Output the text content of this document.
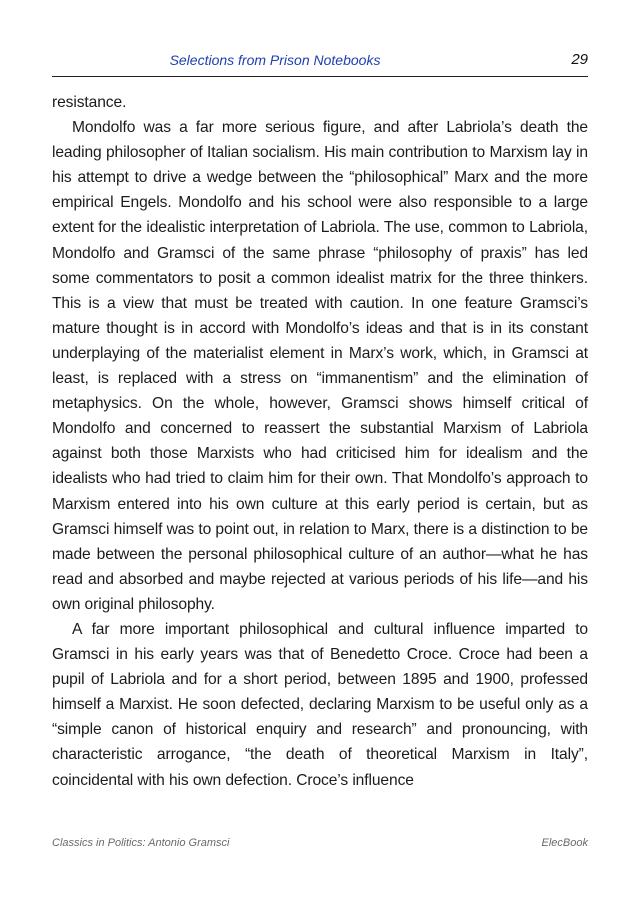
Selections from Prison Notebooks	29

resistance.

Mondolfo was a far more serious figure, and after Labriola’s death the leading philosopher of Italian socialism. His main contribution to Marxism lay in his attempt to drive a wedge between the “philosophical” Marx and the more empirical Engels. Mondolfo and his school were also responsible to a large extent for the idealistic interpretation of Labriola. The use, common to Labriola, Mondolfo and Gramsci of the same phrase “philosophy of praxis” has led some commentators to posit a common idealist matrix for the three thinkers. This is a view that must be treated with caution. In one feature Gramsci’s mature thought is in accord with Mondolfo’s ideas and that is in its constant underplaying of the materialist element in Marx’s work, which, in Gramsci at least, is replaced with a stress on “immanentism” and the elimination of metaphysics. On the whole, however, Gramsci shows himself critical of Mondolfo and concerned to reassert the substantial Marxism of Labriola against both those Marxists who had criticised him for idealism and the idealists who had tried to claim him for their own. That Mondolfo’s approach to Marxism entered into his own culture at this early period is certain, but as Gramsci himself was to point out, in relation to Marx, there is a distinction to be made between the personal philosophical culture of an author—what he has read and absorbed and maybe rejected at various periods of his life—and his own original philosophy.

A far more important philosophical and cultural influence imparted to Gramsci in his early years was that of Benedetto Croce. Croce had been a pupil of Labriola and for a short period, between 1895 and 1900, professed himself a Marxist. He soon defected, declaring Marxism to be useful only as a “simple canon of historical enquiry and research” and pronouncing, with characteristic arrogance, “the death of theoretical Marxism in Italy”, coincidental with his own defection. Croce’s influence

Classics in Politics: Antonio Gramsci	ElecBook
